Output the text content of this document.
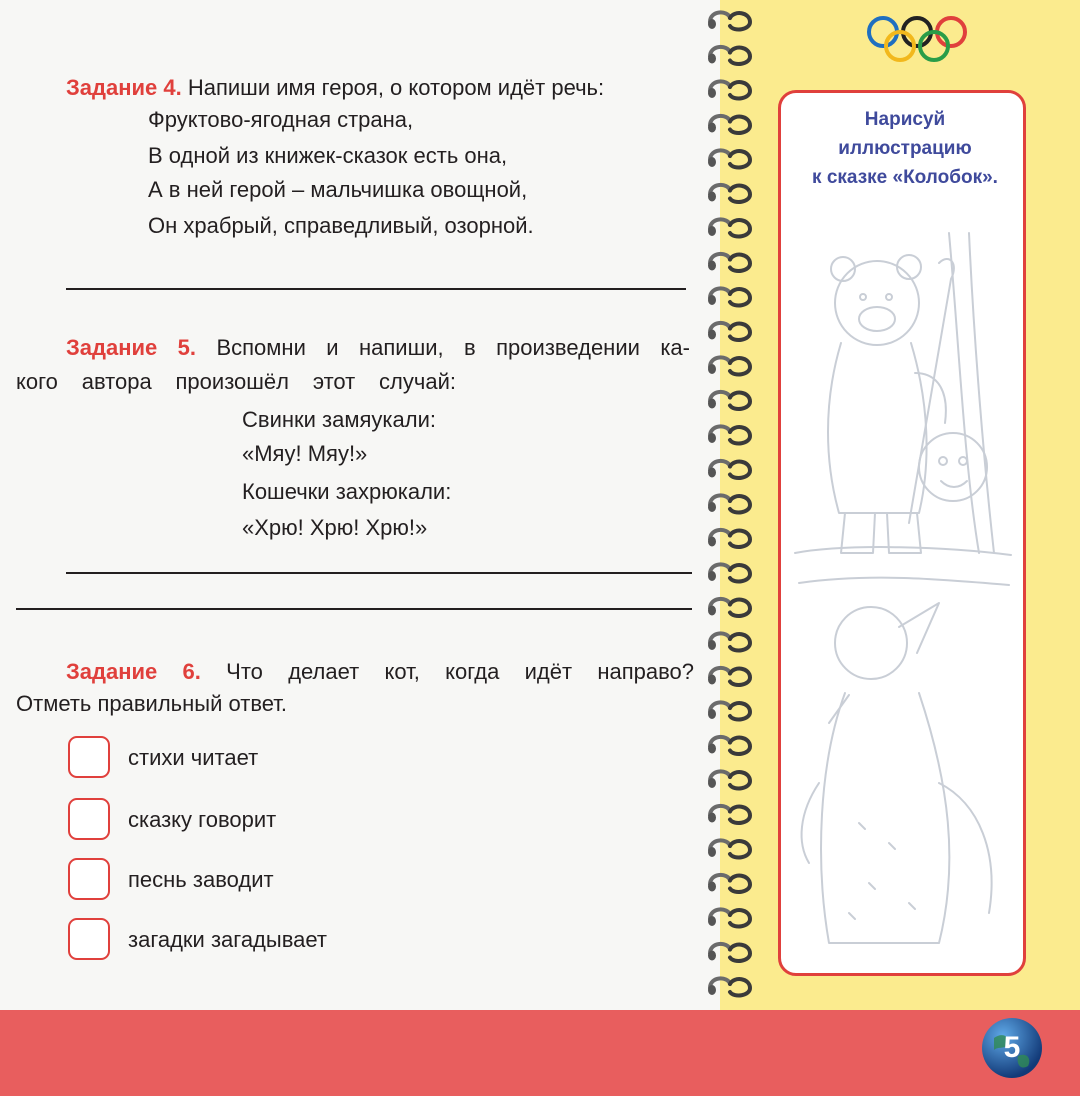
Задание 4. Напиши имя героя, о котором идёт речь:
Фруктово-ягодная страна,
В одной из книжек-сказок есть она,
А в ней герой – мальчишка овощной,
Он храбрый, справедливый, озорной.
Задание 5. Вспомни и напиши, в произведении ка-
кого автора произошёл этот случай:
Свинки замяукали:
«Мяу! Мяу!»
Кошечки захрюкали:
«Хрю! Хрю! Хрю!»
Задание 6. Что делает кот, когда идёт направо?
Отметь правильный ответ.
стихи читает
сказку говорит
песнь заводит
загадки загадывает
Нарисуй
иллюстрацию
к сказке «Колобок».
5
